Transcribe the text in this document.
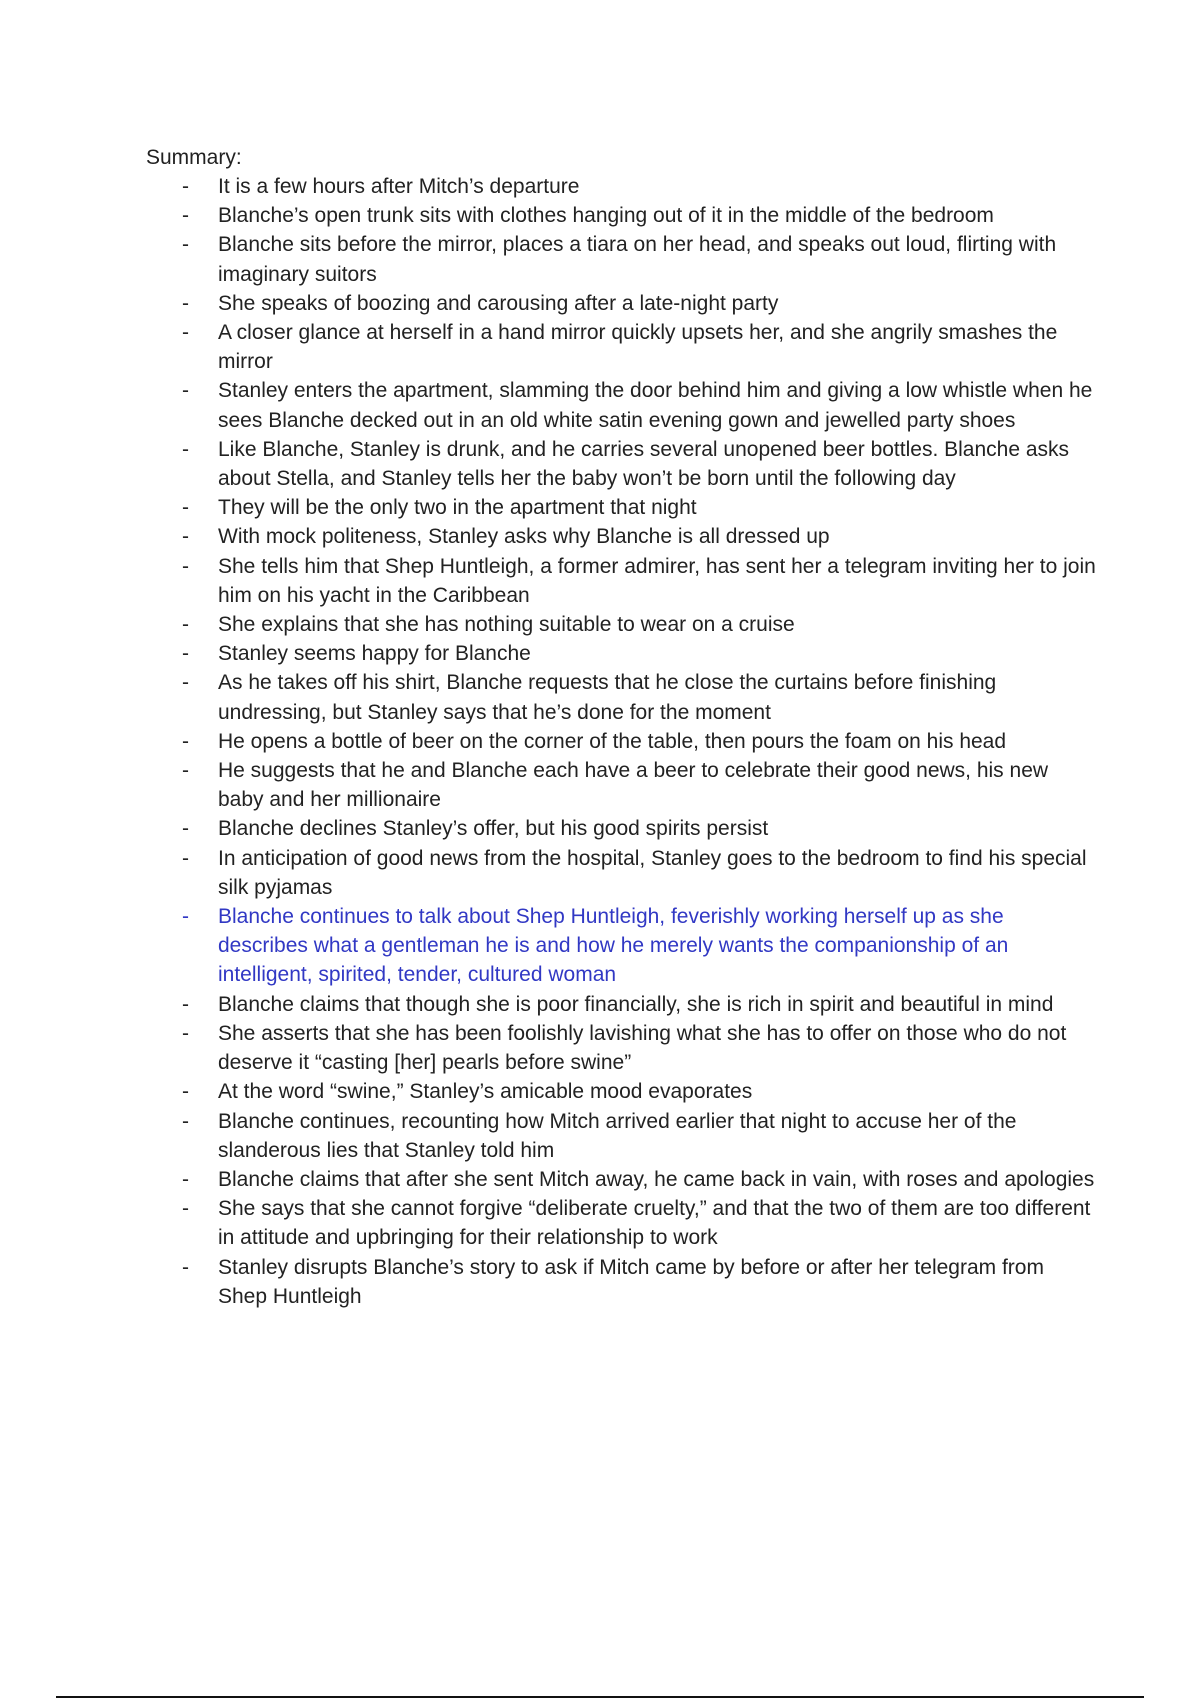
Summary:

- It is a few hours after Mitch’s departure
- Blanche’s open trunk sits with clothes hanging out of it in the middle of the bedroom
- Blanche sits before the mirror, places a tiara on her head, and speaks out loud, flirting with imaginary suitors
- She speaks of boozing and carousing after a late-night party
- A closer glance at herself in a hand mirror quickly upsets her, and she angrily smashes the mirror
- Stanley enters the apartment, slamming the door behind him and giving a low whistle when he sees Blanche decked out in an old white satin evening gown and jewelled party shoes
- Like Blanche, Stanley is drunk, and he carries several unopened beer bottles. Blanche asks about Stella, and Stanley tells her the baby won’t be born until the following day
- They will be the only two in the apartment that night
- With mock politeness, Stanley asks why Blanche is all dressed up
- She tells him that Shep Huntleigh, a former admirer, has sent her a telegram inviting her to join him on his yacht in the Caribbean
- She explains that she has nothing suitable to wear on a cruise
- Stanley seems happy for Blanche
- As he takes off his shirt, Blanche requests that he close the curtains before finishing undressing, but Stanley says that he’s done for the moment
- He opens a bottle of beer on the corner of the table, then pours the foam on his head
- He suggests that he and Blanche each have a beer to celebrate their good news, his new baby and her millionaire
- Blanche declines Stanley’s offer, but his good spirits persist
- In anticipation of good news from the hospital, Stanley goes to the bedroom to find his special silk pyjamas
- Blanche continues to talk about Shep Huntleigh, feverishly working herself up as she describes what a gentleman he is and how he merely wants the companionship of an intelligent, spirited, tender, cultured woman
- Blanche claims that though she is poor financially, she is rich in spirit and beautiful in mind
- She asserts that she has been foolishly lavishing what she has to offer on those who do not deserve it “casting [her] pearls before swine”
- At the word “swine,” Stanley’s amicable mood evaporates
- Blanche continues, recounting how Mitch arrived earlier that night to accuse her of the slanderous lies that Stanley told him
- Blanche claims that after she sent Mitch away, he came back in vain, with roses and apologies
- She says that she cannot forgive “deliberate cruelty,” and that the two of them are too different in attitude and upbringing for their relationship to work
- Stanley disrupts Blanche’s story to ask if Mitch came by before or after her telegram from Shep Huntleigh
